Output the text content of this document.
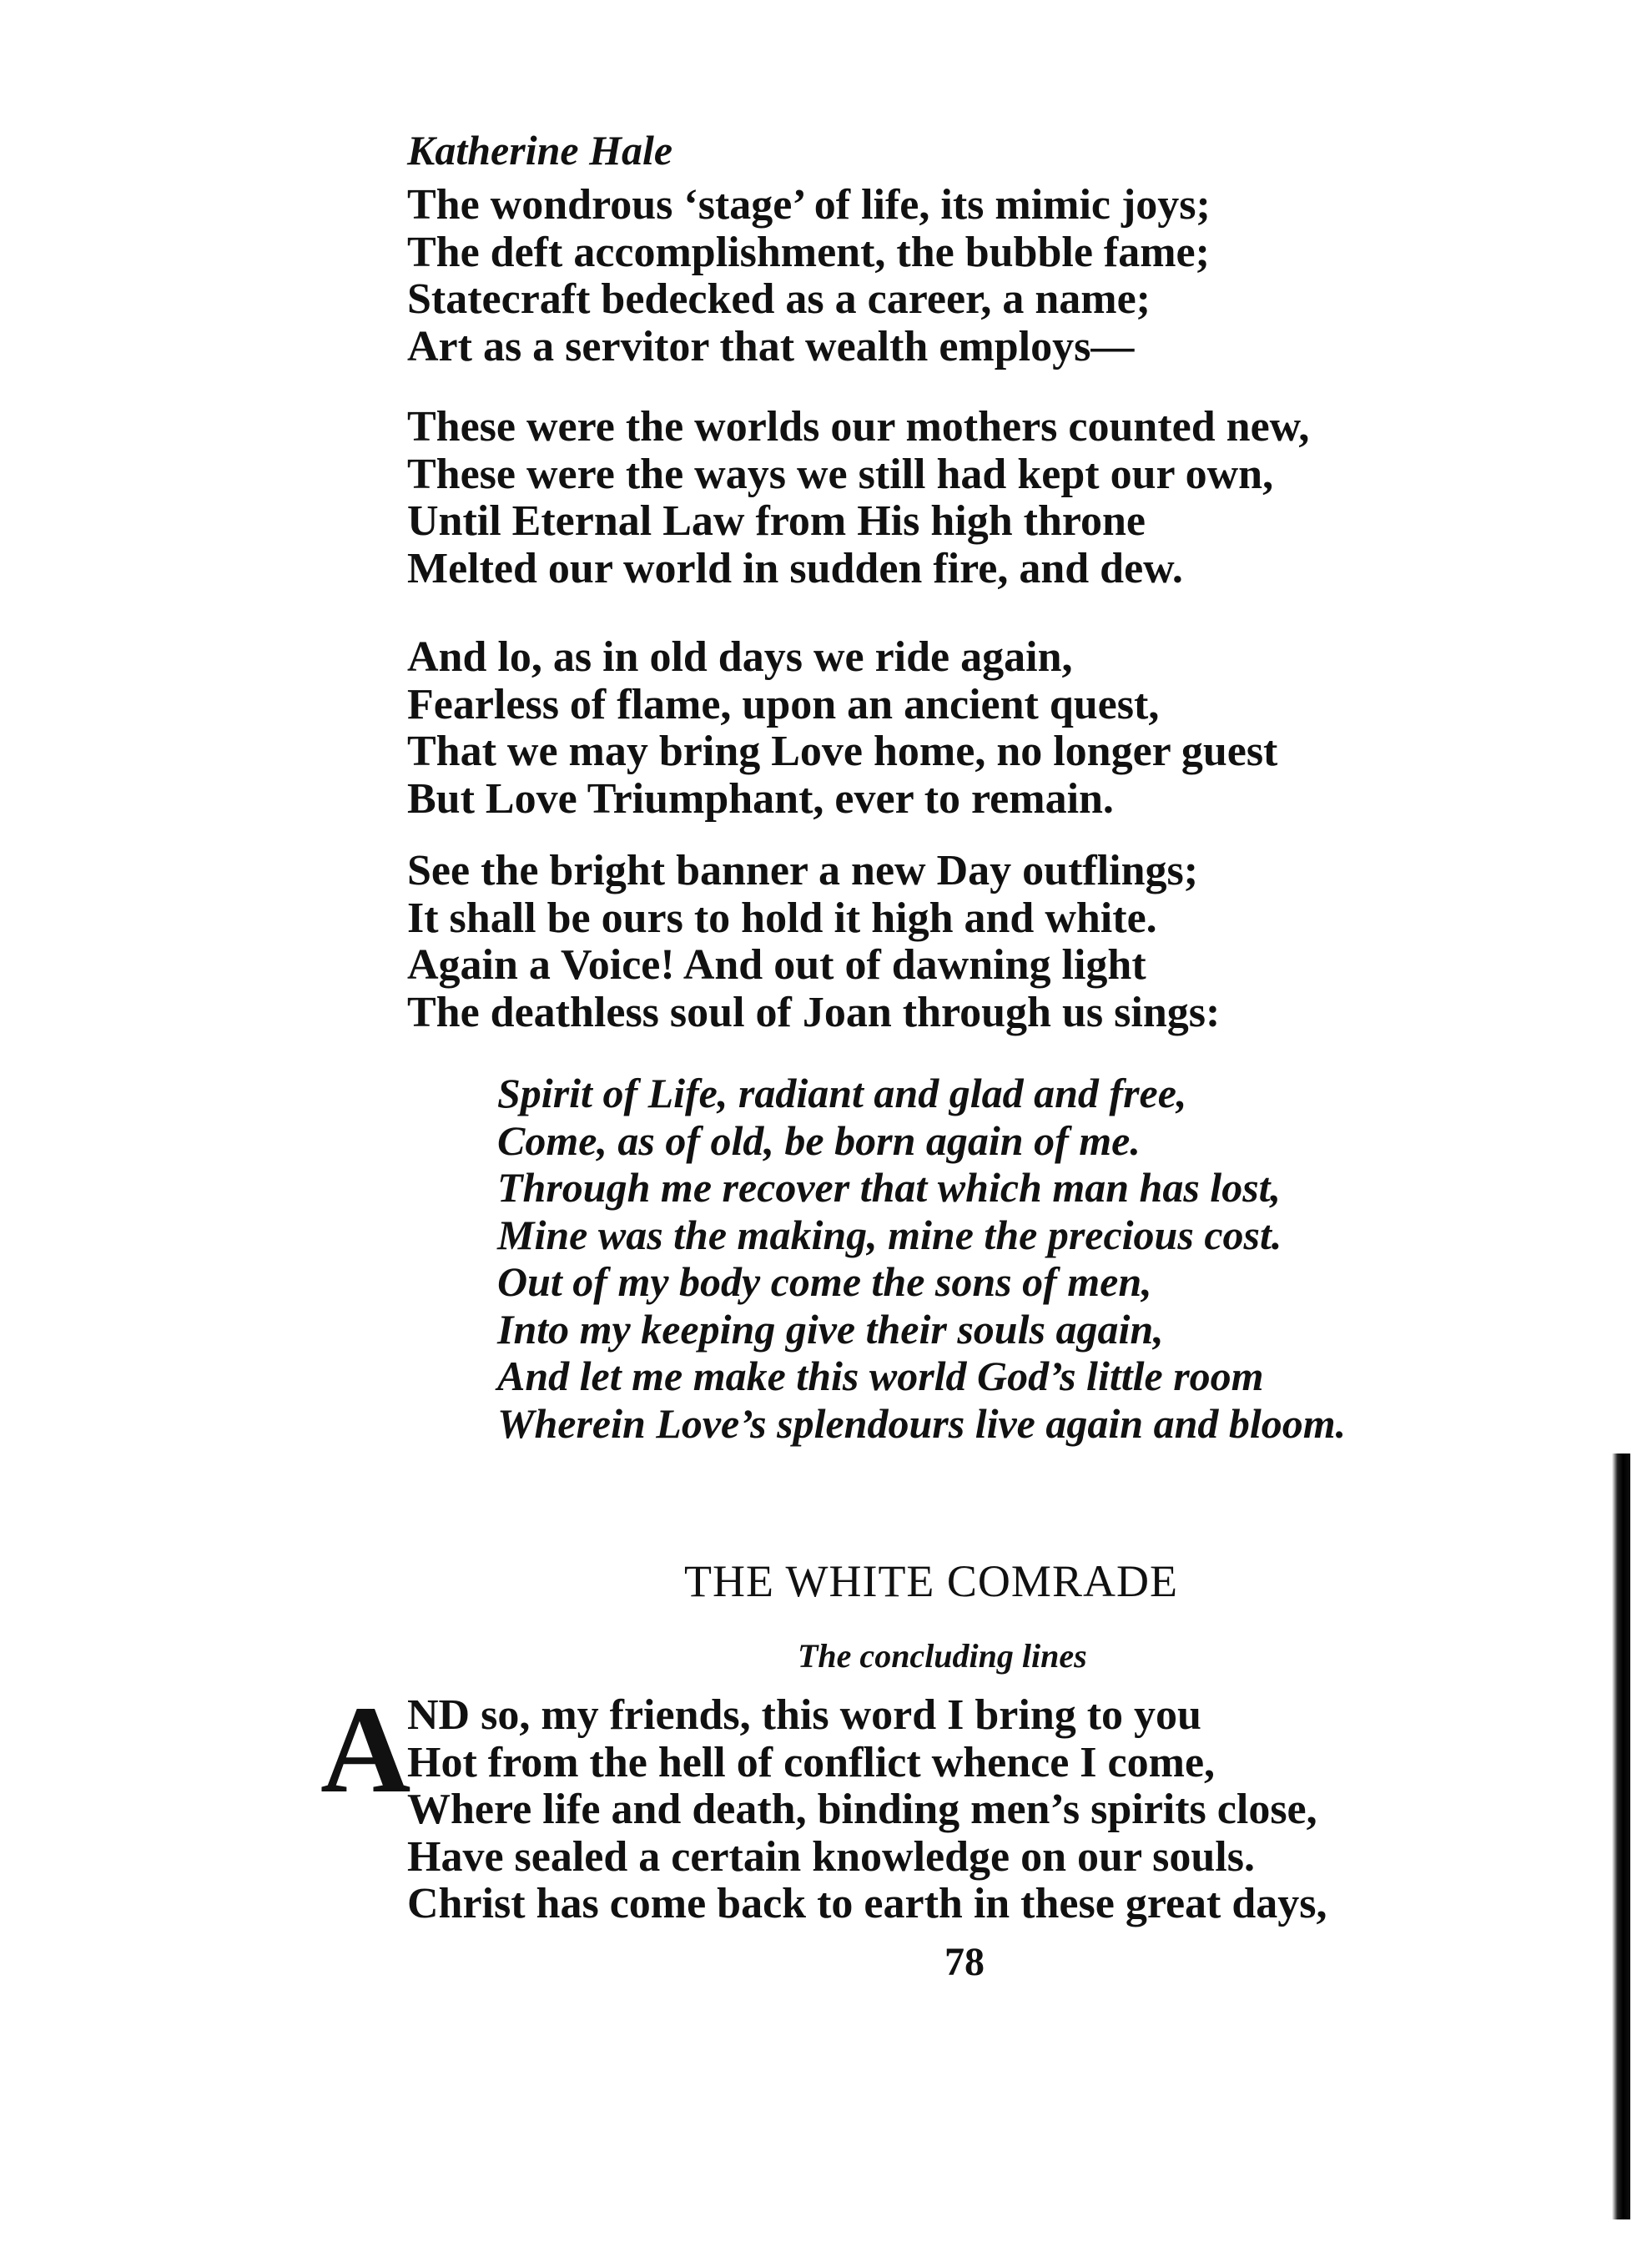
Katherine Hale
The wondrous ‘stage’ of life, its mimic joys;
The deft accomplishment, the bubble fame;
Statecraft bedecked as a career, a name;
Art as a servitor that wealth employs—
These were the worlds our mothers counted new,
These were the ways we still had kept our own,
Until Eternal Law from His high throne
Melted our world in sudden fire, and dew.
And lo, as in old days we ride again,
Fearless of flame, upon an ancient quest,
That we may bring Love home, no longer guest
But Love Triumphant, ever to remain.
See the bright banner a new Day outflings;
It shall be ours to hold it high and white.
Again a Voice! And out of dawning light
The deathless soul of Joan through us sings:
Spirit of Life, radiant and glad and free,
Come, as of old, be born again of me.
Through me recover that which man has lost,
Mine was the making, mine the precious cost.
Out of my body come the sons of men,
Into my keeping give their souls again,
And let me make this world God’s little room
Wherein Love’s splendours live again and bloom.
THE WHITE COMRADE
The concluding lines
A
ND so, my friends, this word I bring to you
Hot from the hell of conflict whence I come,
Where life and death, binding men’s spirits close,
Have sealed a certain knowledge on our souls.
Christ has come back to earth in these great days,
78
